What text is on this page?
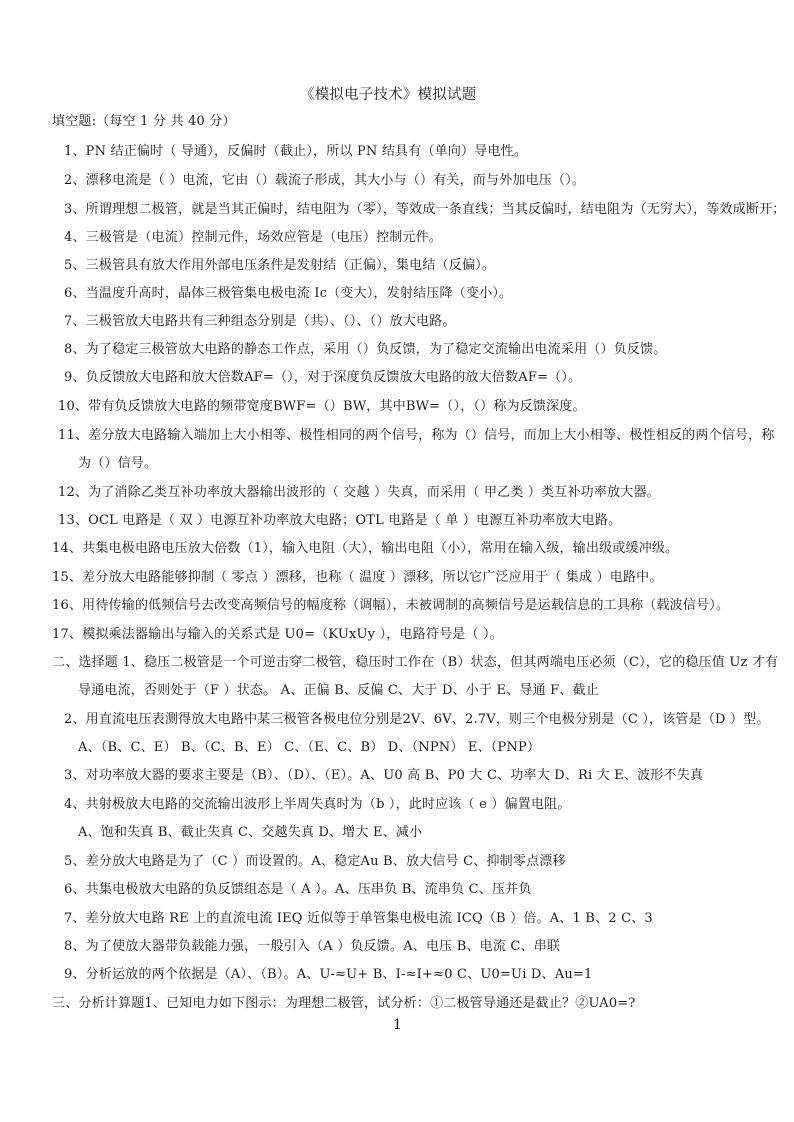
《模拟电子技术》模拟试题
填空题:（每空 1 分 共 40 分）
1、PN 结正偏时（ 导通），反偏时（截止），所以 PN 结具有（单向）导电性。
2、漂移电流是（ ）电流，它由（）载流子形成，其大小与（）有关，而与外加电压（）。
3、所谓理想二极管，就是当其正偏时，结电阻为（零），等效成一条直线；当其反偏时，结电阻为（无穷大），等效成断开；
4、三极管是（电流）控制元件，场效应管是（电压）控制元件。
5、三极管具有放大作用外部电压条件是发射结（正偏），集电结（反偏）。
6、当温度升高时，晶体三极管集电极电流 Ic（变大），发射结压降（变小）。
7、三极管放大电路共有三种组态分别是（共）、（）、（）放大电路。
8、为了稳定三极管放大电路的静态工作点，采用（）负反馈，为了稳定交流输出电流采用（）负反馈。
9、负反馈放大电路和放大倍数AF=（），对于深度负反馈放大电路的放大倍数AF=（）。
10、带有负反馈放大电路的频带宽度BWF=（）BW，其中BW=（），（）称为反馈深度。
11、差分放大电路输入端加上大小相等、极性相同的两个信号，称为（）信号，而加上大小相等、极性相反的两个信号，称
为（）信号。
12、为了消除乙类互补功率放大器输出波形的（ 交越 ）失真，而采用（ 甲乙类 ）类互补功率放大器。
13、OCL 电路是（ 双 ）电源互补功率放大电路；OTL 电路是（ 单 ）电源互补功率放大电路。
14、共集电极电路电压放大倍数（1），输入电阻（大），输出电阻（小），常用在输入级，输出级或缓冲级。
15、差分放大电路能够抑制（ 零点 ）漂移，也称（ 温度 ）漂移，所以它广泛应用于（ 集成 ）电路中。
16、用待传输的低频信号去改变高频信号的幅度称（调幅），未被调制的高频信号是运载信息的工具称（载波信号）。
17、模拟乘法器输出与输入的关系式是 U0=（KUxUy ），电路符号是（ ）。
二、选择题 1、稳压二极管是一个可逆击穿二极管，稳压时工作在（B）状态，但其两端电压必须（C），它的稳压值 Uz 才有
导通电流，否则处于（F ）状态。 A、正偏 B、反偏 C、大于 D、小于 E、导通 F、截止
2、用直流电压表测得放大电路中某三极管各极电位分别是2V、6V、2.7V，则三个电极分别是（C ），该管是（D ）型。
A、（B、C、E） B、（C、B、E） C、（E、C、B） D、（NPN） E、（PNP）
3、对功率放大器的要求主要是（B）、（D）、（E）。A、U0 高 B、P0 大 C、功率大 D、Ri 大 E、波形不失真
4、共射极放大电路的交流输出波形上半周失真时为（b ），此时应该（ e ）偏置电阻。
A、饱和失真 B、截止失真 C、交越失真 D、增大 E、减小
5、差分放大电路是为了（C ）而设置的。A、稳定Au B、放大信号 C、抑制零点漂移
6、共集电极放大电路的负反馈组态是（ A ）。A、压串负 B、流串负 C、压并负
7、差分放大电路 RE 上的直流电流 IEQ 近似等于单管集电极电流 ICQ（B ）倍。A、1 B、2 C、3
8、为了使放大器带负载能力强，一般引入（A ）负反馈。A、电压 B、电流 C、串联
9、分析运放的两个依据是（A）、（B）。A、U-≈U+ B、I-≈I+≈0 C、U0=Ui D、Au=1
三、分析计算题1、已知电力如下图示：为理想二极管，试分析：①二极管导通还是截止？②UA0=?
1
